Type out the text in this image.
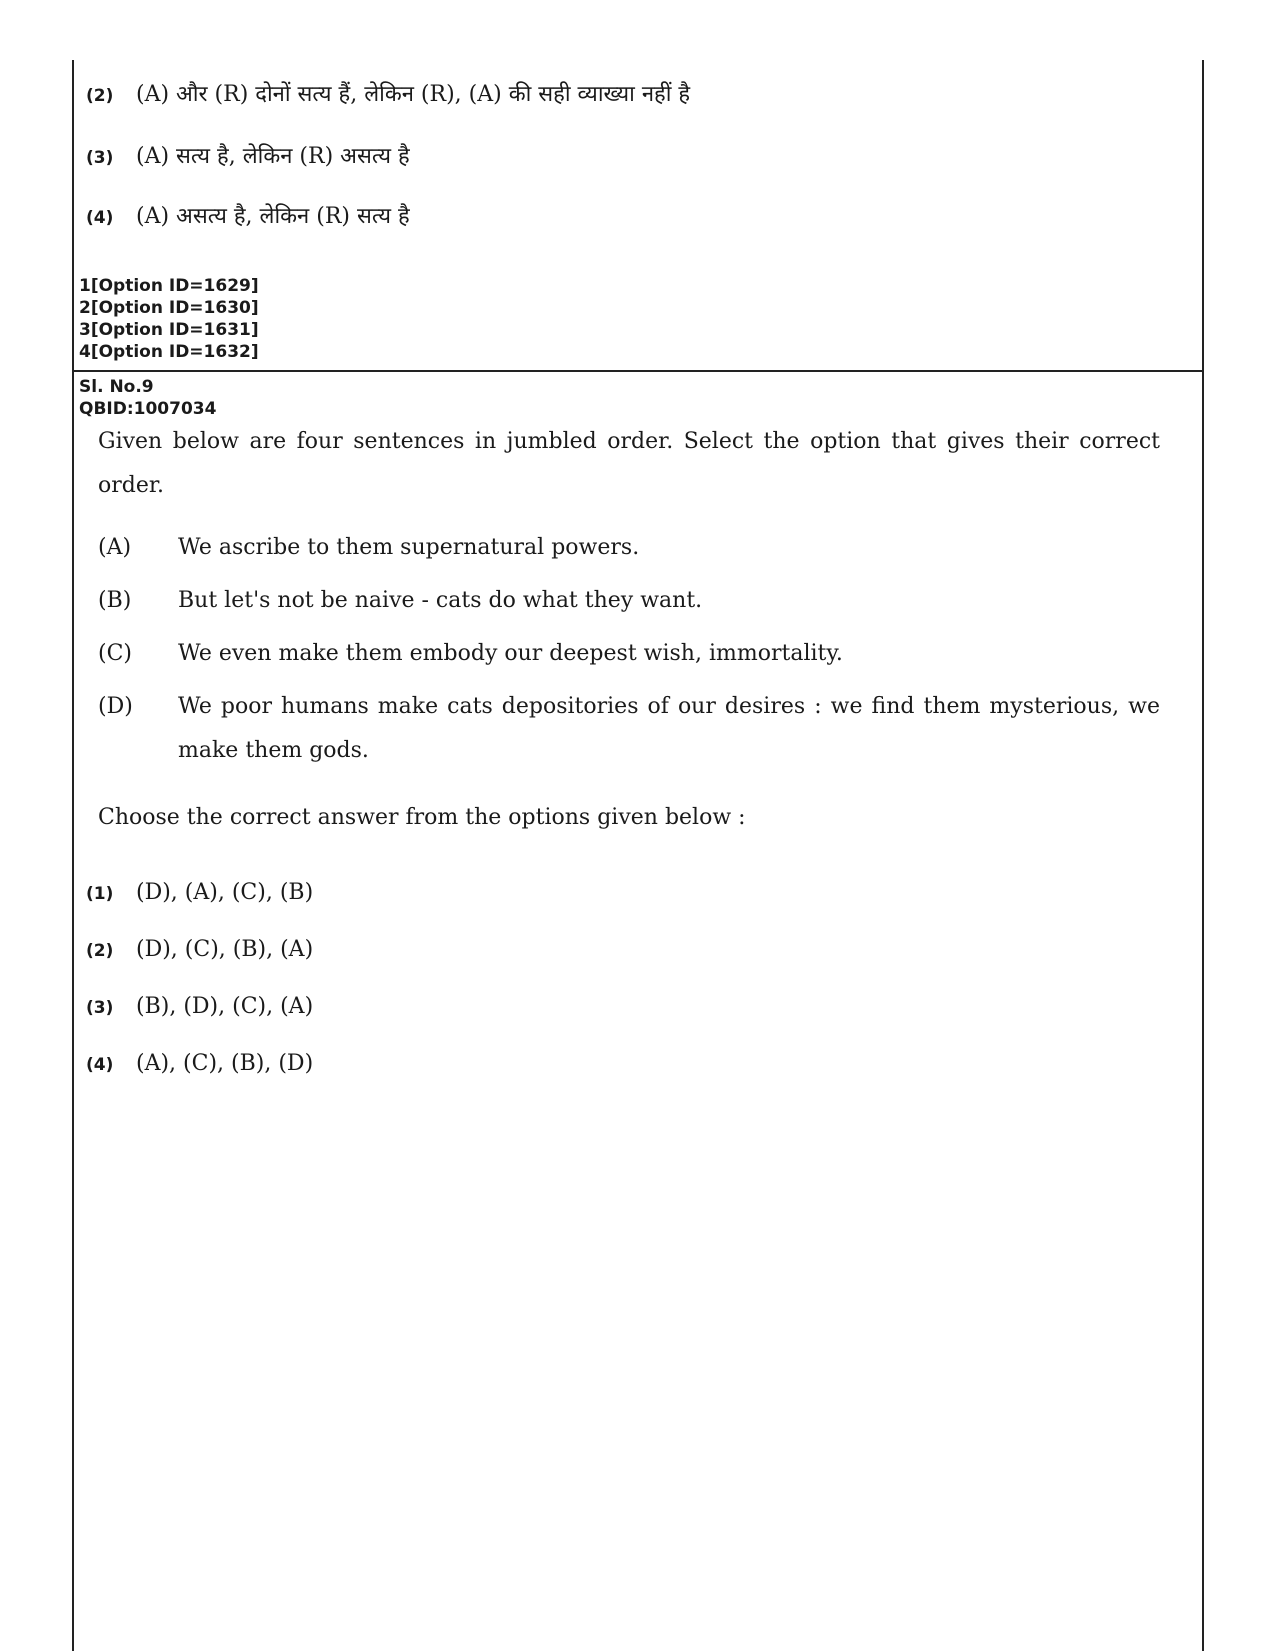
(2)	(A) और (R) दोनों सत्य हैं, लेकिन (R), (A) की सही व्याख्या नहीं है
(3)	(A) सत्य है, लेकिन (R) असत्य है
(4)	(A) असत्य है, लेकिन (R) सत्य है
1[Option ID=1629]
2[Option ID=1630]
3[Option ID=1631]
4[Option ID=1632]
Sl. No.9
QBID:1007034
Given below are four sentences in jumbled order. Select the option that gives their correct order.
(A)	We ascribe to them supernatural powers.
(B)	But let's not be naive - cats do what they want.
(C)	We even make them embody our deepest wish, immortality.
(D)	We poor humans make cats depositories of our desires : we find them mysterious, we make them gods.
Choose the correct answer from the options given below :
(1)	(D), (A), (C), (B)
(2)	(D), (C), (B), (A)
(3)	(B), (D), (C), (A)
(4)	(A), (C), (B), (D)
